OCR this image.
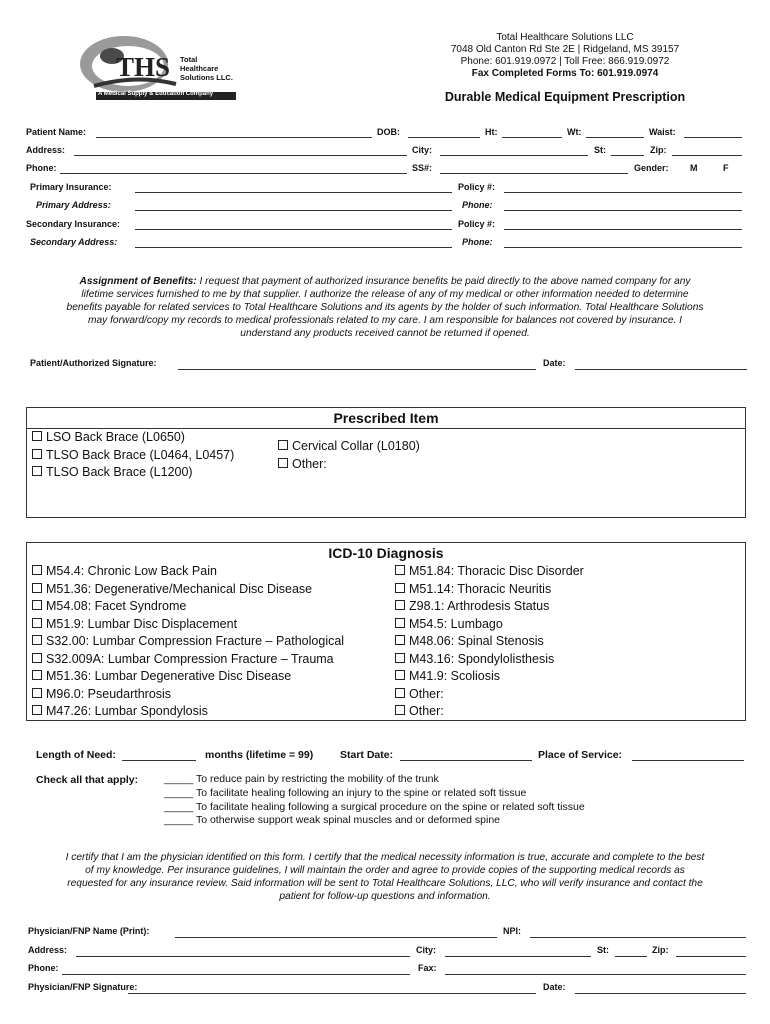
THS Total
Healthcare
Solutions LLC.
A Medical Supply & Education Company
Total Healthcare Solutions LLC
7048 Old Canton Rd Ste 2E | Ridgeland, MS 39157
Phone: 601.919.0972 | Toll Free: 866.919.0972
Fax Completed Forms To: 601.919.0974
Durable Medical Equipment Prescription
Patient Name:	DOB:	Ht:	Wt:	Waist:
Address:	City:	St:	Zip:
Phone:	SS#:	Gender: M	F
Primary Insurance:	Policy #:
Primary Address:	Phone:
Secondary Insurance:	Policy #:
Secondary Address:	Phone:
Assignment of Benefits: I request that payment of authorized insurance benefits be paid directly to the above named company for any
lifetime services furnished to me by that supplier. I authorize the release of any of my medical or other information needed to determine
benefits payable for related services to Total Healthcare Solutions and its agents by the holder of such information. Total Healthcare Solutions
may forward/copy my records to medical professionals related to my care. I am responsible for balances not covered by insurance. I
understand any products received cannot be returned if opened.
Patient/Authorized Signature:	Date:
Prescribed Item
LSO Back Brace (L0650)
TLSO Back Brace (L0464, L0457)
TLSO Back Brace (L1200)
Cervical Collar (L0180)
Other:
ICD-10 Diagnosis
M54.4: Chronic Low Back Pain
M51.36: Degenerative/Mechanical Disc Disease
M54.08: Facet Syndrome
M51.9: Lumbar Disc Displacement
S32.00: Lumbar Compression Fracture – Pathological
S32.009A: Lumbar Compression Fracture – Trauma
M51.36: Lumbar Degenerative Disc Disease
M96.0: Pseudarthrosis
M47.26: Lumbar Spondylosis
M51.84: Thoracic Disc Disorder
M51.14: Thoracic Neuritis
Z98.1: Arthrodesis Status
M54.5: Lumbago
M48.06: Spinal Stenosis
M43.16: Spondylolisthesis
M41.9: Scoliosis
Other:
Other:
Length of Need:	months (lifetime = 99)	Start Date:	Place of Service:
Check all that apply: _____ To reduce pain by restricting the mobility of the trunk
_____ To facilitate healing following an injury to the spine or related soft tissue
_____ To facilitate healing following a surgical procedure on the spine or related soft tissue
_____ To otherwise support weak spinal muscles and or deformed spine
I certify that I am the physician identified on this form. I certify that the medical necessity information is true, accurate and complete to the best
of my knowledge. Per insurance guidelines, I will maintain the order and agree to provide copies of the supporting medical records as
requested for any insurance review. Said information will be sent to Total Healthcare Solutions, LLC, who will verify insurance and contact the
patient for follow-up questions and information.
Physician/FNP Name (Print):	NPI:
Address:	City:	St:	Zip:
Phone:	Fax:
Physician/FNP Signature:	Date:
